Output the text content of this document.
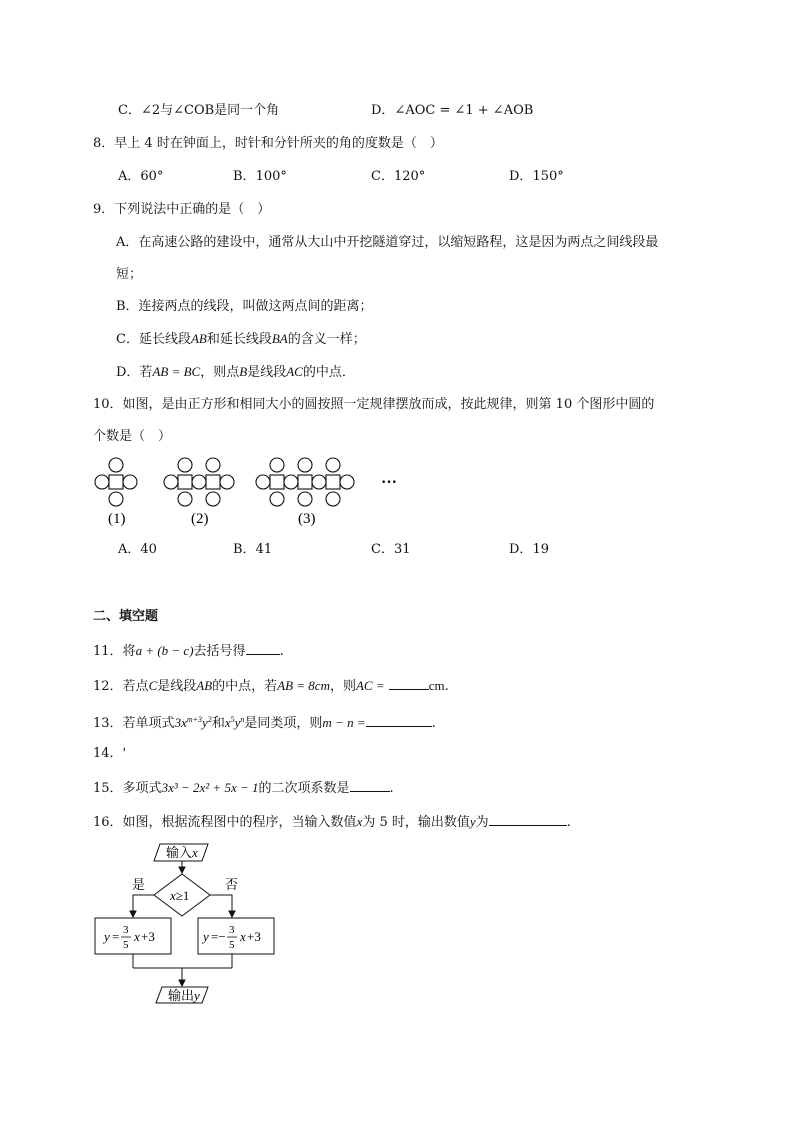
C．∠2与∠COB是同一个角	D．∠AOC = ∠1 + ∠AOB
8．早上 4 时在钟面上，时针和分针所夹的角的度数是（　）
A．60°	B．100°	C．120°	D．150°
9．下列说法中正确的是（　）
A．在高速公路的建设中，通常从大山中开挖隧道穿过，以缩短路程，这是因为两点之间线段最
短；
B．连接两点的线段，叫做这两点间的距离；
C．延长线段AB和延长线段BA的含义一样；
D．若AB = BC，则点B是线段AC的中点．
10．如图，是由正方形和相同大小的圆按照一定规律摆放而成，按此规律，则第 10 个图形中圆的
个数是（　）
···
(1)	(2)	(3)
A．40	B．41	C．31	D．19
二、填空题
11．将a + (b − c)去括号得	.
12．若点C是线段AB的中点，若AB = 8cm，则AC =	cm.
13．若单项式$3x^{m+3}y^2$和$x^5y^n$是同类项，则m − n =	.
14．'
15．多项式3x³ − 2x² + 5x − 1的二次项系数是	.
16．如图，根据流程图中的程序，当输入数值x为 5 时，输出数值y为	.
输入x
x≥1
是	否
y = 3
5
x +3	y =− 3
5
x +3
输出y
